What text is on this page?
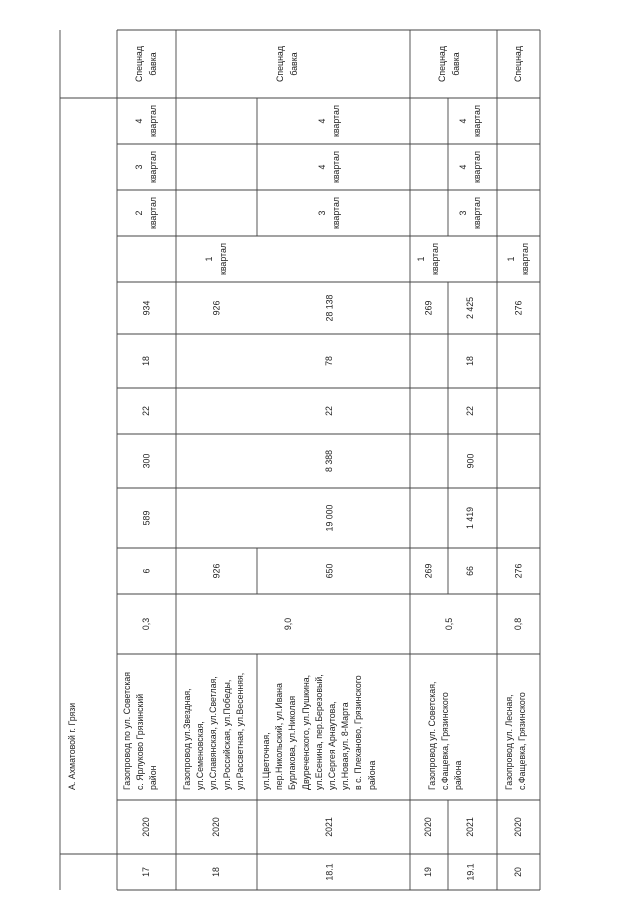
А. Ахматовой г. Грязи
17
2020
Газопровод по ул. Советская
с. Ярлуково Грязинский
район
0,3
6
589
300
22
18
934
2
квартал
3
квартал
4
квартал
Спецнад
бавка
18
2020
Газопровод ул.Звездная,
ул.Семеновская,
ул.Славянская, ул.Светлая,
ул.Российская, ул.Победы,
ул.Рассветная, ул.Весенняя,
926
926
1
квартал
18.1
2021
ул.Цветочная,
пер.Никольский, ул.Ивана
Бурлакова, ул.Николая
Двуреченского, ул.Пушкина,
ул.Есенина, пер.Березовый,
ул.Сергея Арнаутова,
ул.Новая,ул. 8-Марта
в с. Плеханово, Грязинского
района
650
19 000
8 388
22
78
28 138
3
квартал
4
квартал
4
квартал
19
2020
Газопровод ул. Советская,
с.Фащевка, Грязинского
района
269
269
1
квартал
19.1
2021
66
1 419
900
22
18
2 425
3
квартал
4
квартал
4
квартал
20
2020
Газопровод ул. Лесная,
с.Фащевка, Грязинского
0,8
276
276
1
квартал
Спецнад
9,0
Спецнад
бавка
0,5
Спецнад
бавка
